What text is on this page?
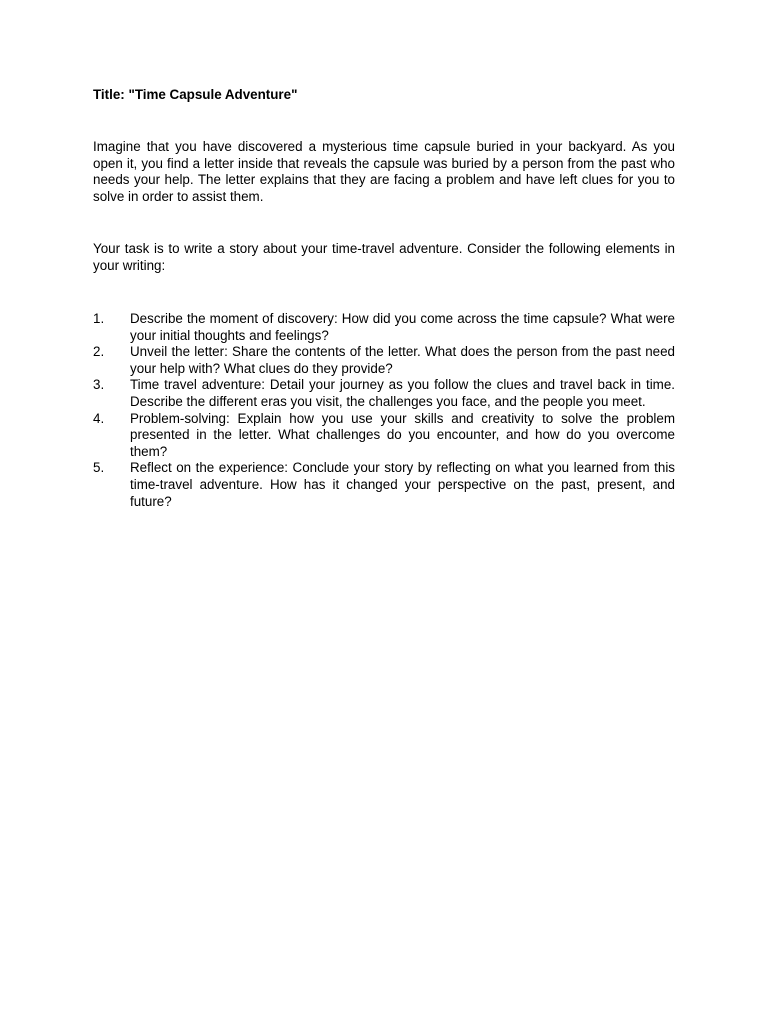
Title: "Time Capsule Adventure"

Imagine that you have discovered a mysterious time capsule buried in your backyard. As you open it, you find a letter inside that reveals the capsule was buried by a person from the past who needs your help. The letter explains that they are facing a problem and have left clues for you to solve in order to assist them.

Your task is to write a story about your time-travel adventure. Consider the following elements in your writing:

1. Describe the moment of discovery: How did you come across the time capsule? What were your initial thoughts and feelings?
2. Unveil the letter: Share the contents of the letter. What does the person from the past need your help with? What clues do they provide?
3. Time travel adventure: Detail your journey as you follow the clues and travel back in time. Describe the different eras you visit, the challenges you face, and the people you meet.
4. Problem-solving: Explain how you use your skills and creativity to solve the problem presented in the letter. What challenges do you encounter, and how do you overcome them?
5. Reflect on the experience: Conclude your story by reflecting on what you learned from this time-travel adventure. How has it changed your perspective on the past, present, and future?
